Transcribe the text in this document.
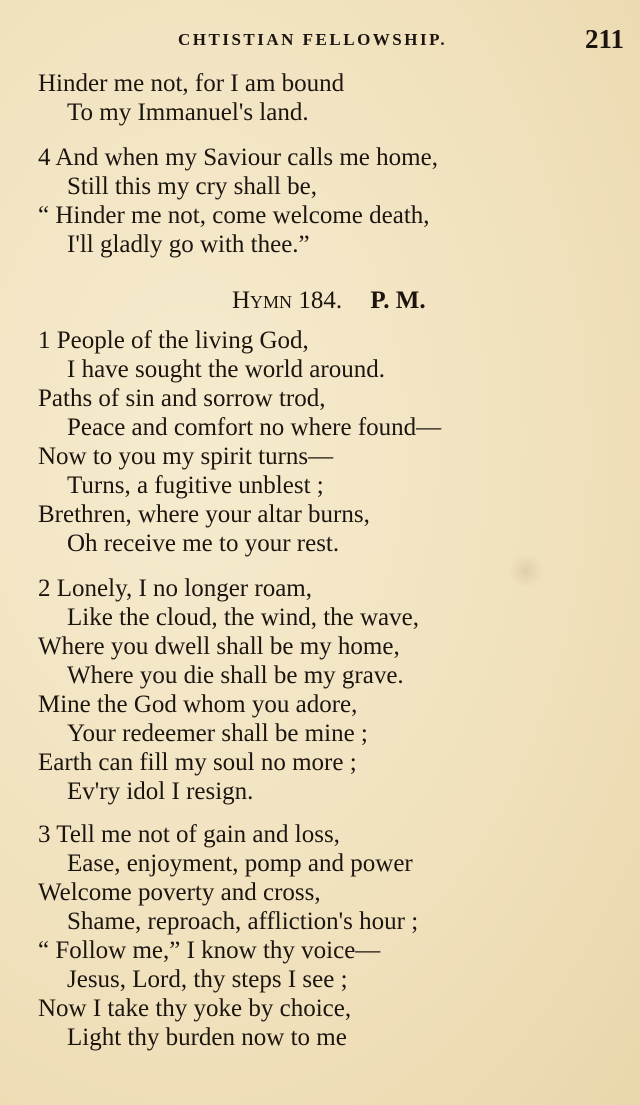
CHTISTIAN FELLOWSHIP.	211
Hinder me not, for I am bound
To my Immanuel's land.
4 And when my Saviour calls me home,
Still this my cry shall be,
“ Hinder me not, come welcome death,
I'll gladly go with thee.”
Hymn 184. P. M.
1 People of the living God,
I have sought the world around.
Paths of sin and sorrow trod,
Peace and comfort no where found—
Now to you my spirit turns—
Turns, a fugitive unblest ;
Brethren, where your altar burns,
Oh receive me to your rest.
2 Lonely, I no longer roam,
Like the cloud, the wind, the wave,
Where you dwell shall be my home,
Where you die shall be my grave.
Mine the God whom you adore,
Your redeemer shall be mine ;
Earth can fill my soul no more ;
Ev'ry idol I resign.
3 Tell me not of gain and loss,
Ease, enjoyment, pomp and power
Welcome poverty and cross,
Shame, reproach, affliction's hour ;
“ Follow me,” I know thy voice—
Jesus, Lord, thy steps I see ;
Now I take thy yoke by choice,
Light thy burden now to me
